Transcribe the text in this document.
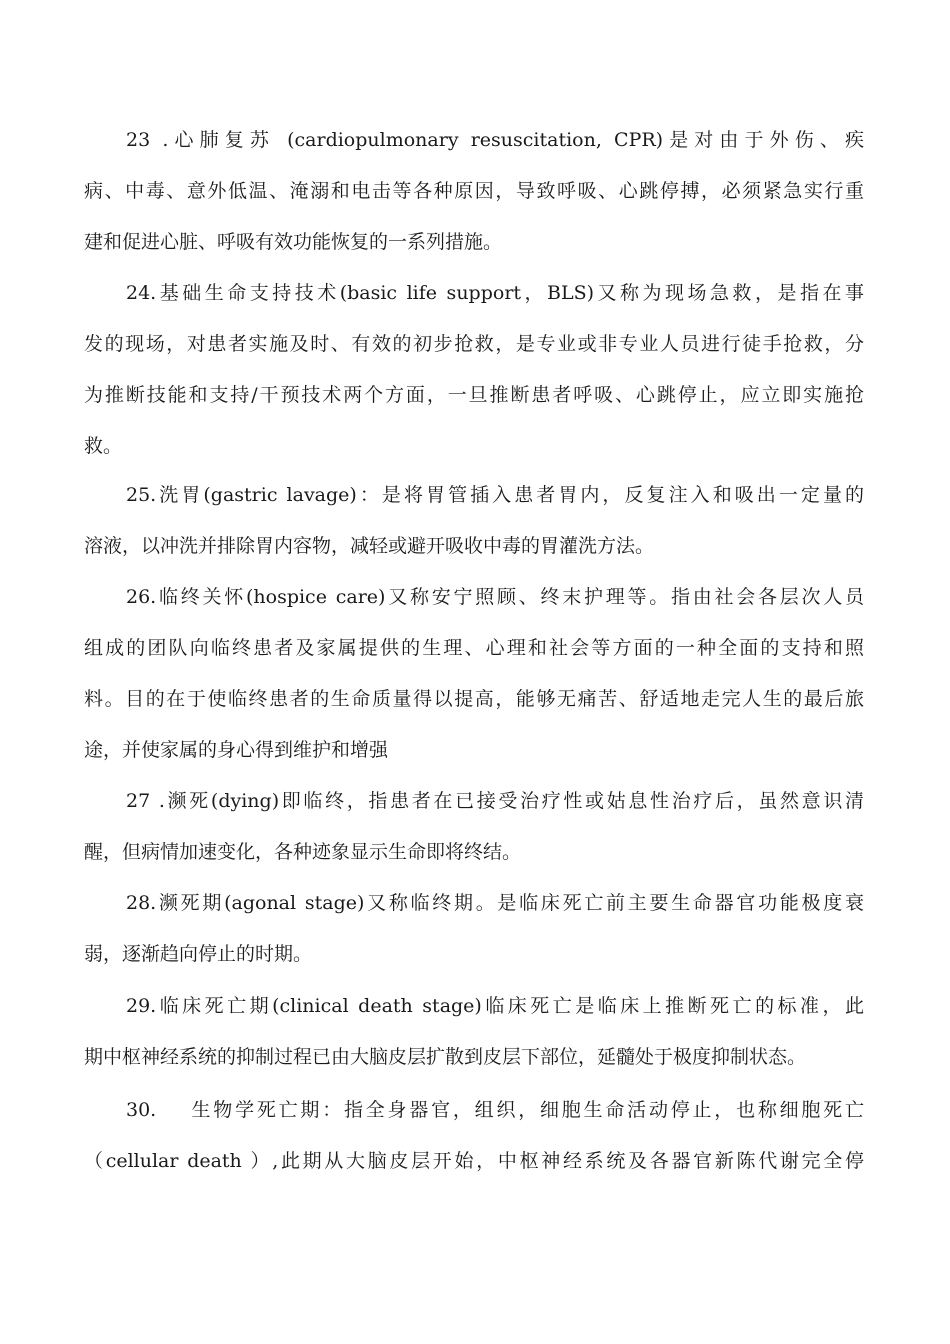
23 .心肺复苏 (cardiopulmonary resuscitation, CPR)是对由于外伤、疾
病、中毒、意外低温、淹溺和电击等各种原因，导致呼吸、心跳停搏，必须紧急实行重
建和促进心脏、呼吸有效功能恢复的一系列措施。
24.基础生命支持技术(basic life support，BLS)又称为现场急救，是指在事
发的现场，对患者实施及时、有效的初步抢救，是专业或非专业人员进行徒手抢救，分
为推断技能和支持/干预技术两个方面，一旦推断患者呼吸、心跳停止，应立即实施抢
救。
25.洗胃(gastric lavage)：是将胃管插入患者胃内，反复注入和吸出一定量的
溶液，以冲洗并排除胃内容物，减轻或避开吸收中毒的胃灌洗方法。
26.临终关怀(hospice care)又称安宁照顾、终末护理等。指由社会各层次人员
组成的团队向临终患者及家属提供的生理、心理和社会等方面的一种全面的支持和照
料。目的在于使临终患者的生命质量得以提高，能够无痛苦、舒适地走完人生的最后旅
途，并使家属的身心得到维护和增强
27 .濒死(dying)即临终，指患者在已接受治疗性或姑息性治疗后，虽然意识清
醒，但病情加速变化，各种迹象显示生命即将终结。
28.濒死期(agonal stage)又称临终期。是临床死亡前主要生命器官功能极度衰
弱，逐渐趋向停止的时期。
29.临床死亡期(clinical death stage)临床死亡是临床上推断死亡的标准，此
期中枢神经系统的抑制过程已由大脑皮层扩散到皮层下部位，延髓处于极度抑制状态。
30.    生物学死亡期：指全身器官，组织，细胞生命活动停止，也称细胞死亡
（cellular death ）,此期从大脑皮层开始，中枢神经系统及各器官新陈代谢完全停
